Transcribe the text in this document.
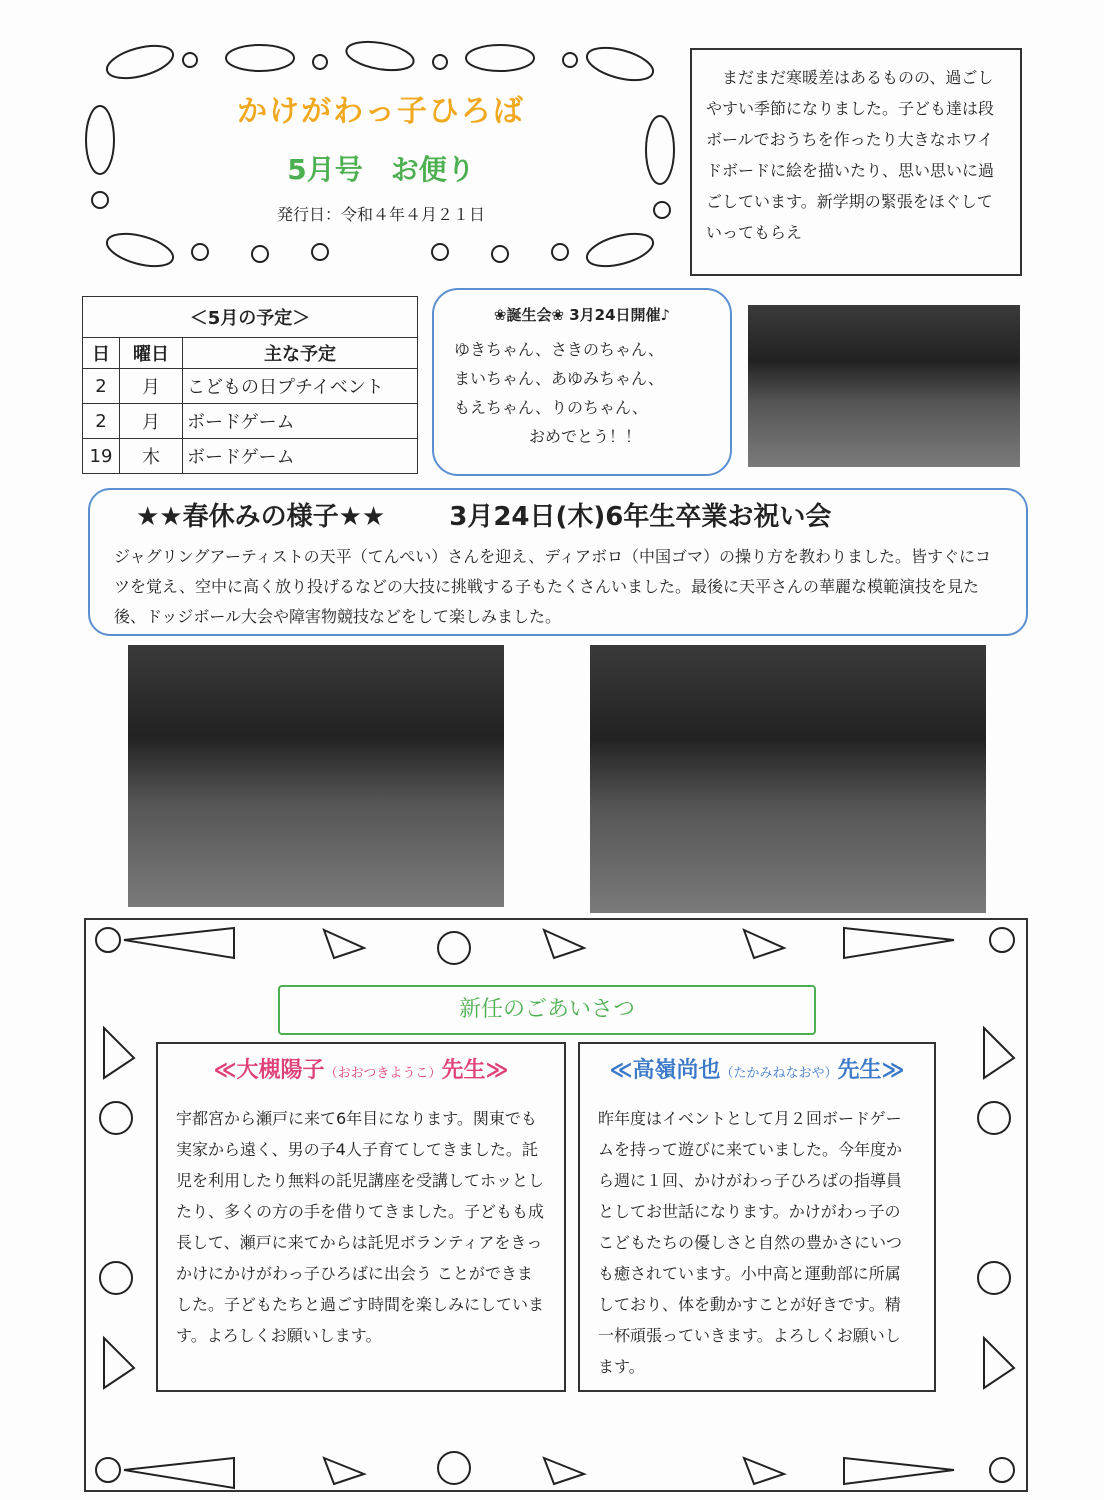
かけがわっ子ひろば
5月号　お便り
発行日：令和４年４月２１日
　まだまだ寒暖差はあるものの、過ごしやすい季節になりました。子ども達は段ボールでおうちを作ったり大きなホワイドボードに絵を描いたり、思い思いに過ごしています。新学期の緊張をほぐしていってもらえ
＜5月の予定＞		
日	曜日	主な予定
2	月	こどもの日プチイベント
2	月	ボードゲーム
19	木	ボードゲーム
❀誕生会❀ 3月24日開催♪
ゆきちゃん、さきのちゃん、
まいちゃん、あゆみちゃん、
もえちゃん、りのちゃん、
おめでとう！！
★★春休みの様子★★ 3月24日(木)6年生卒業お祝い会
ジャグリングアーティストの天平（てんぺい）さんを迎え、ディアボロ（中国ゴマ）の操り方を教わりました。皆すぐにコツを覚え、空中に高く放り投げるなどの大技に挑戦する子もたくさんいました。最後に天平さんの華麗な模範演技を見た後、ドッジボール大会や障害物競技などをして楽しみました。
新任のごあいさつ
≪大槻陽子（おおつきようこ）先生≫
宇都宮から瀬戸に来て6年目になります。関東でも実家から遠く、男の子4人子育てしてきました。託児を利用したり無料の託児講座を受講してホッとしたり、多くの方の手を借りてきました。子どもも成長して、瀬戸に来てからは託児ボランティアをきっかけにかけがわっ子ひろばに出会う ことができました。子どもたちと過ごす時間を楽しみにしています。よろしくお願いします。
≪高嶺尚也（たかみねなおや）先生≫
昨年度はイベントとして月２回ボードゲームを持って遊びに来ていました。今年度から週に１回、かけがわっ子ひろばの指導員としてお世話になります。かけがわっ子のこどもたちの優しさと自然の豊かさにいつも癒されています。小中高と運動部に所属しており、体を動かすことが好きです。精一杯頑張っていきます。よろしくお願いします。
